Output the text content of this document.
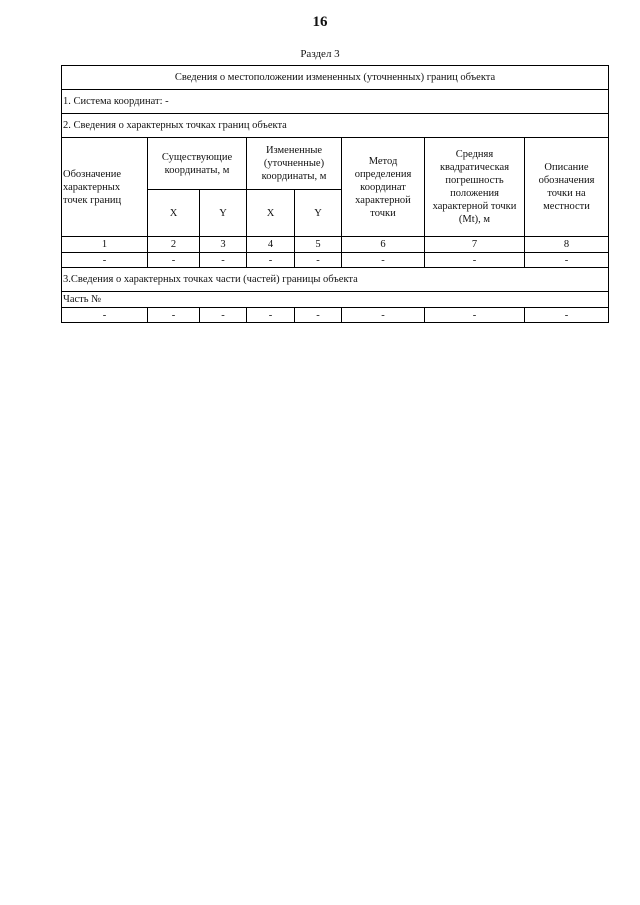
16
Раздел 3
Сведения о местоположении измененных (уточненных) границ объекта							
1. Система координат: -							
2. Сведения о характерных точках границ объекта							
Обозначение характерных точек границ	Существующие координаты, м		Измененные (уточненные) координаты, м		Метод определения координат характерной точки	Средняя квадратическая погрешность положения характерной точки (Mt), м	Описание обозначения точки на местности
	X	Y	X	Y			
1	2	3	4	5	6	7	8
-	-	-	-	-	-	-	-
3.Сведения о характерных точках части (частей) границы объекта							
Часть №							
-	-	-	-	-	-	-	-
